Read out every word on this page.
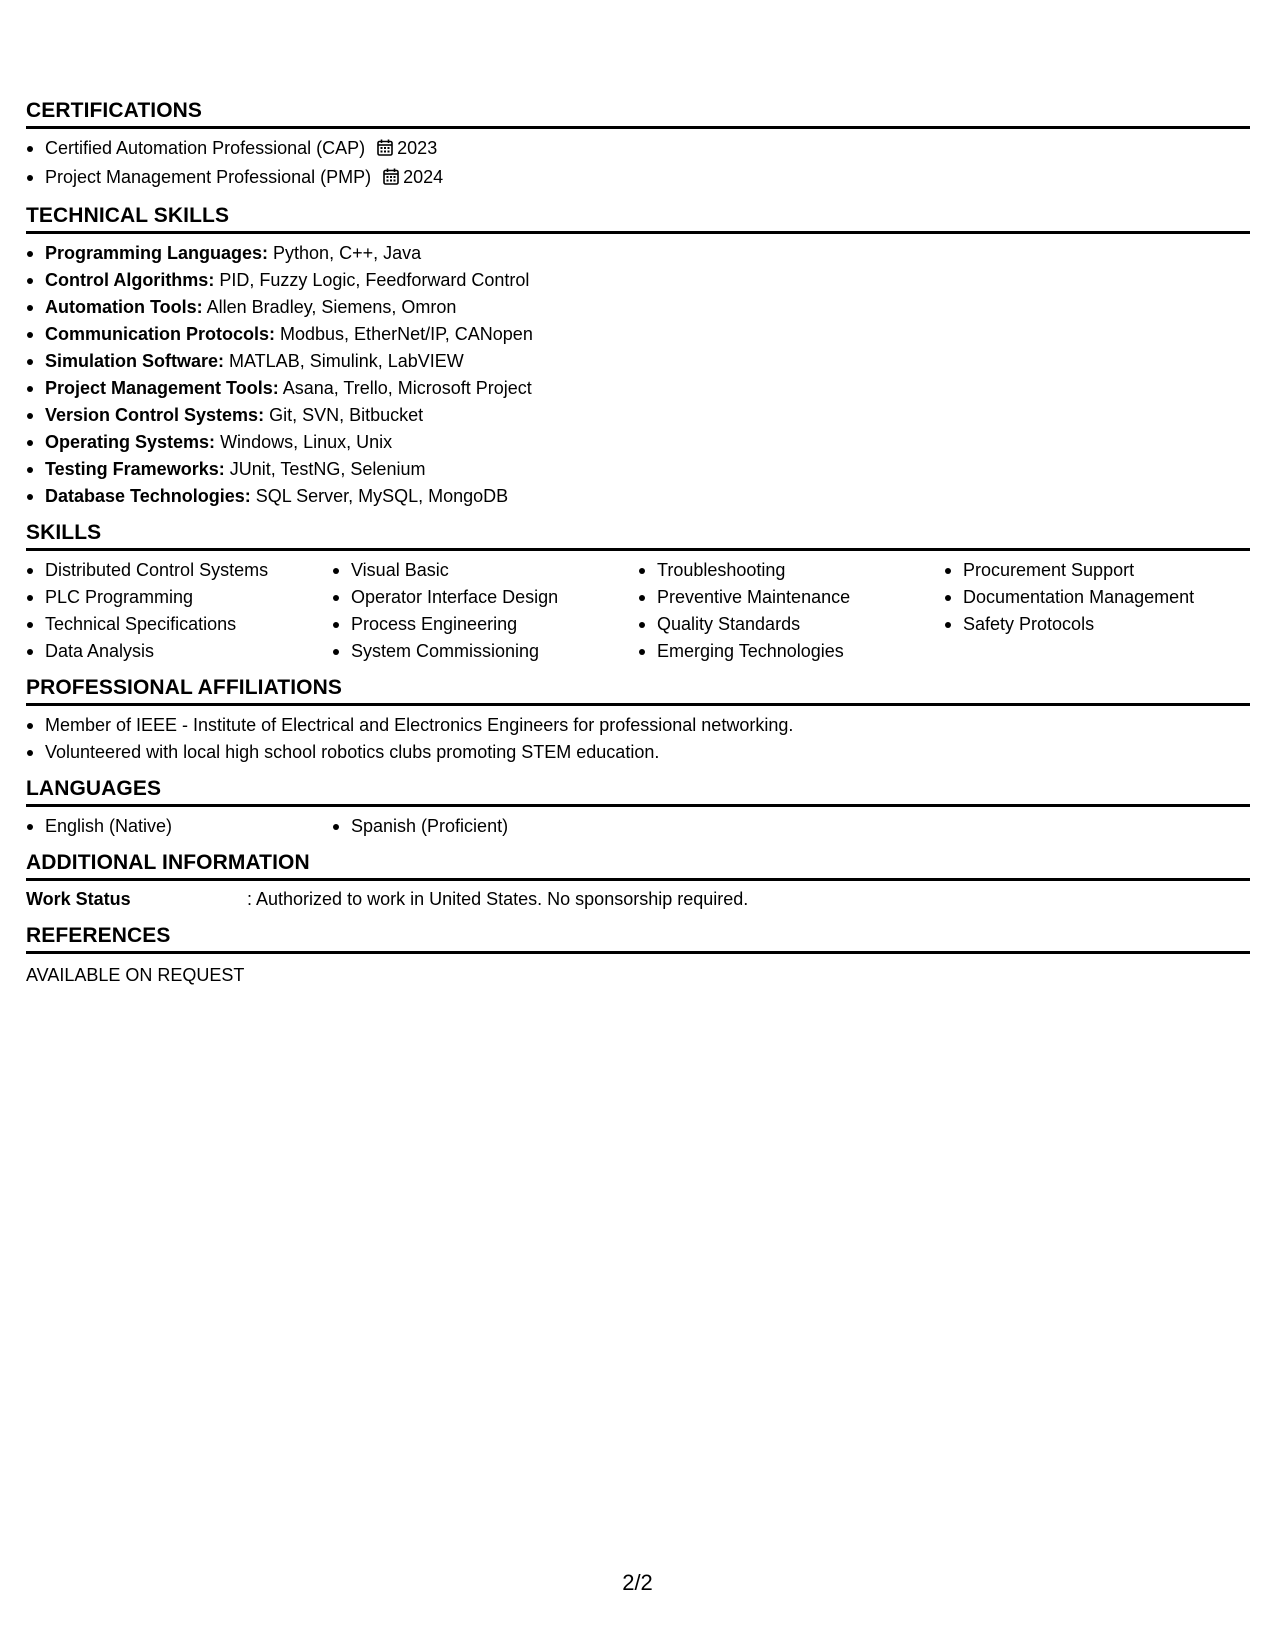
CERTIFICATIONS
Certified Automation Professional (CAP) 2023
Project Management Professional (PMP) 2024
TECHNICAL SKILLS
Programming Languages: Python, C++, Java
Control Algorithms: PID, Fuzzy Logic, Feedforward Control
Automation Tools: Allen Bradley, Siemens, Omron
Communication Protocols: Modbus, EtherNet/IP, CANopen
Simulation Software: MATLAB, Simulink, LabVIEW
Project Management Tools: Asana, Trello, Microsoft Project
Version Control Systems: Git, SVN, Bitbucket
Operating Systems: Windows, Linux, Unix
Testing Frameworks: JUnit, TestNG, Selenium
Database Technologies: SQL Server, MySQL, MongoDB
SKILLS
Distributed Control Systems
PLC Programming
Technical Specifications
Data Analysis
Visual Basic
Operator Interface Design
Process Engineering
System Commissioning
Troubleshooting
Preventive Maintenance
Quality Standards
Emerging Technologies
Procurement Support
Documentation Management
Safety Protocols
PROFESSIONAL AFFILIATIONS
Member of IEEE - Institute of Electrical and Electronics Engineers for professional networking.
Volunteered with local high school robotics clubs promoting STEM education.
LANGUAGES
English (Native)	Spanish (Proficient)
ADDITIONAL INFORMATION
Work Status	: Authorized to work in United States. No sponsorship required.
REFERENCES
AVAILABLE ON REQUEST
2/2
